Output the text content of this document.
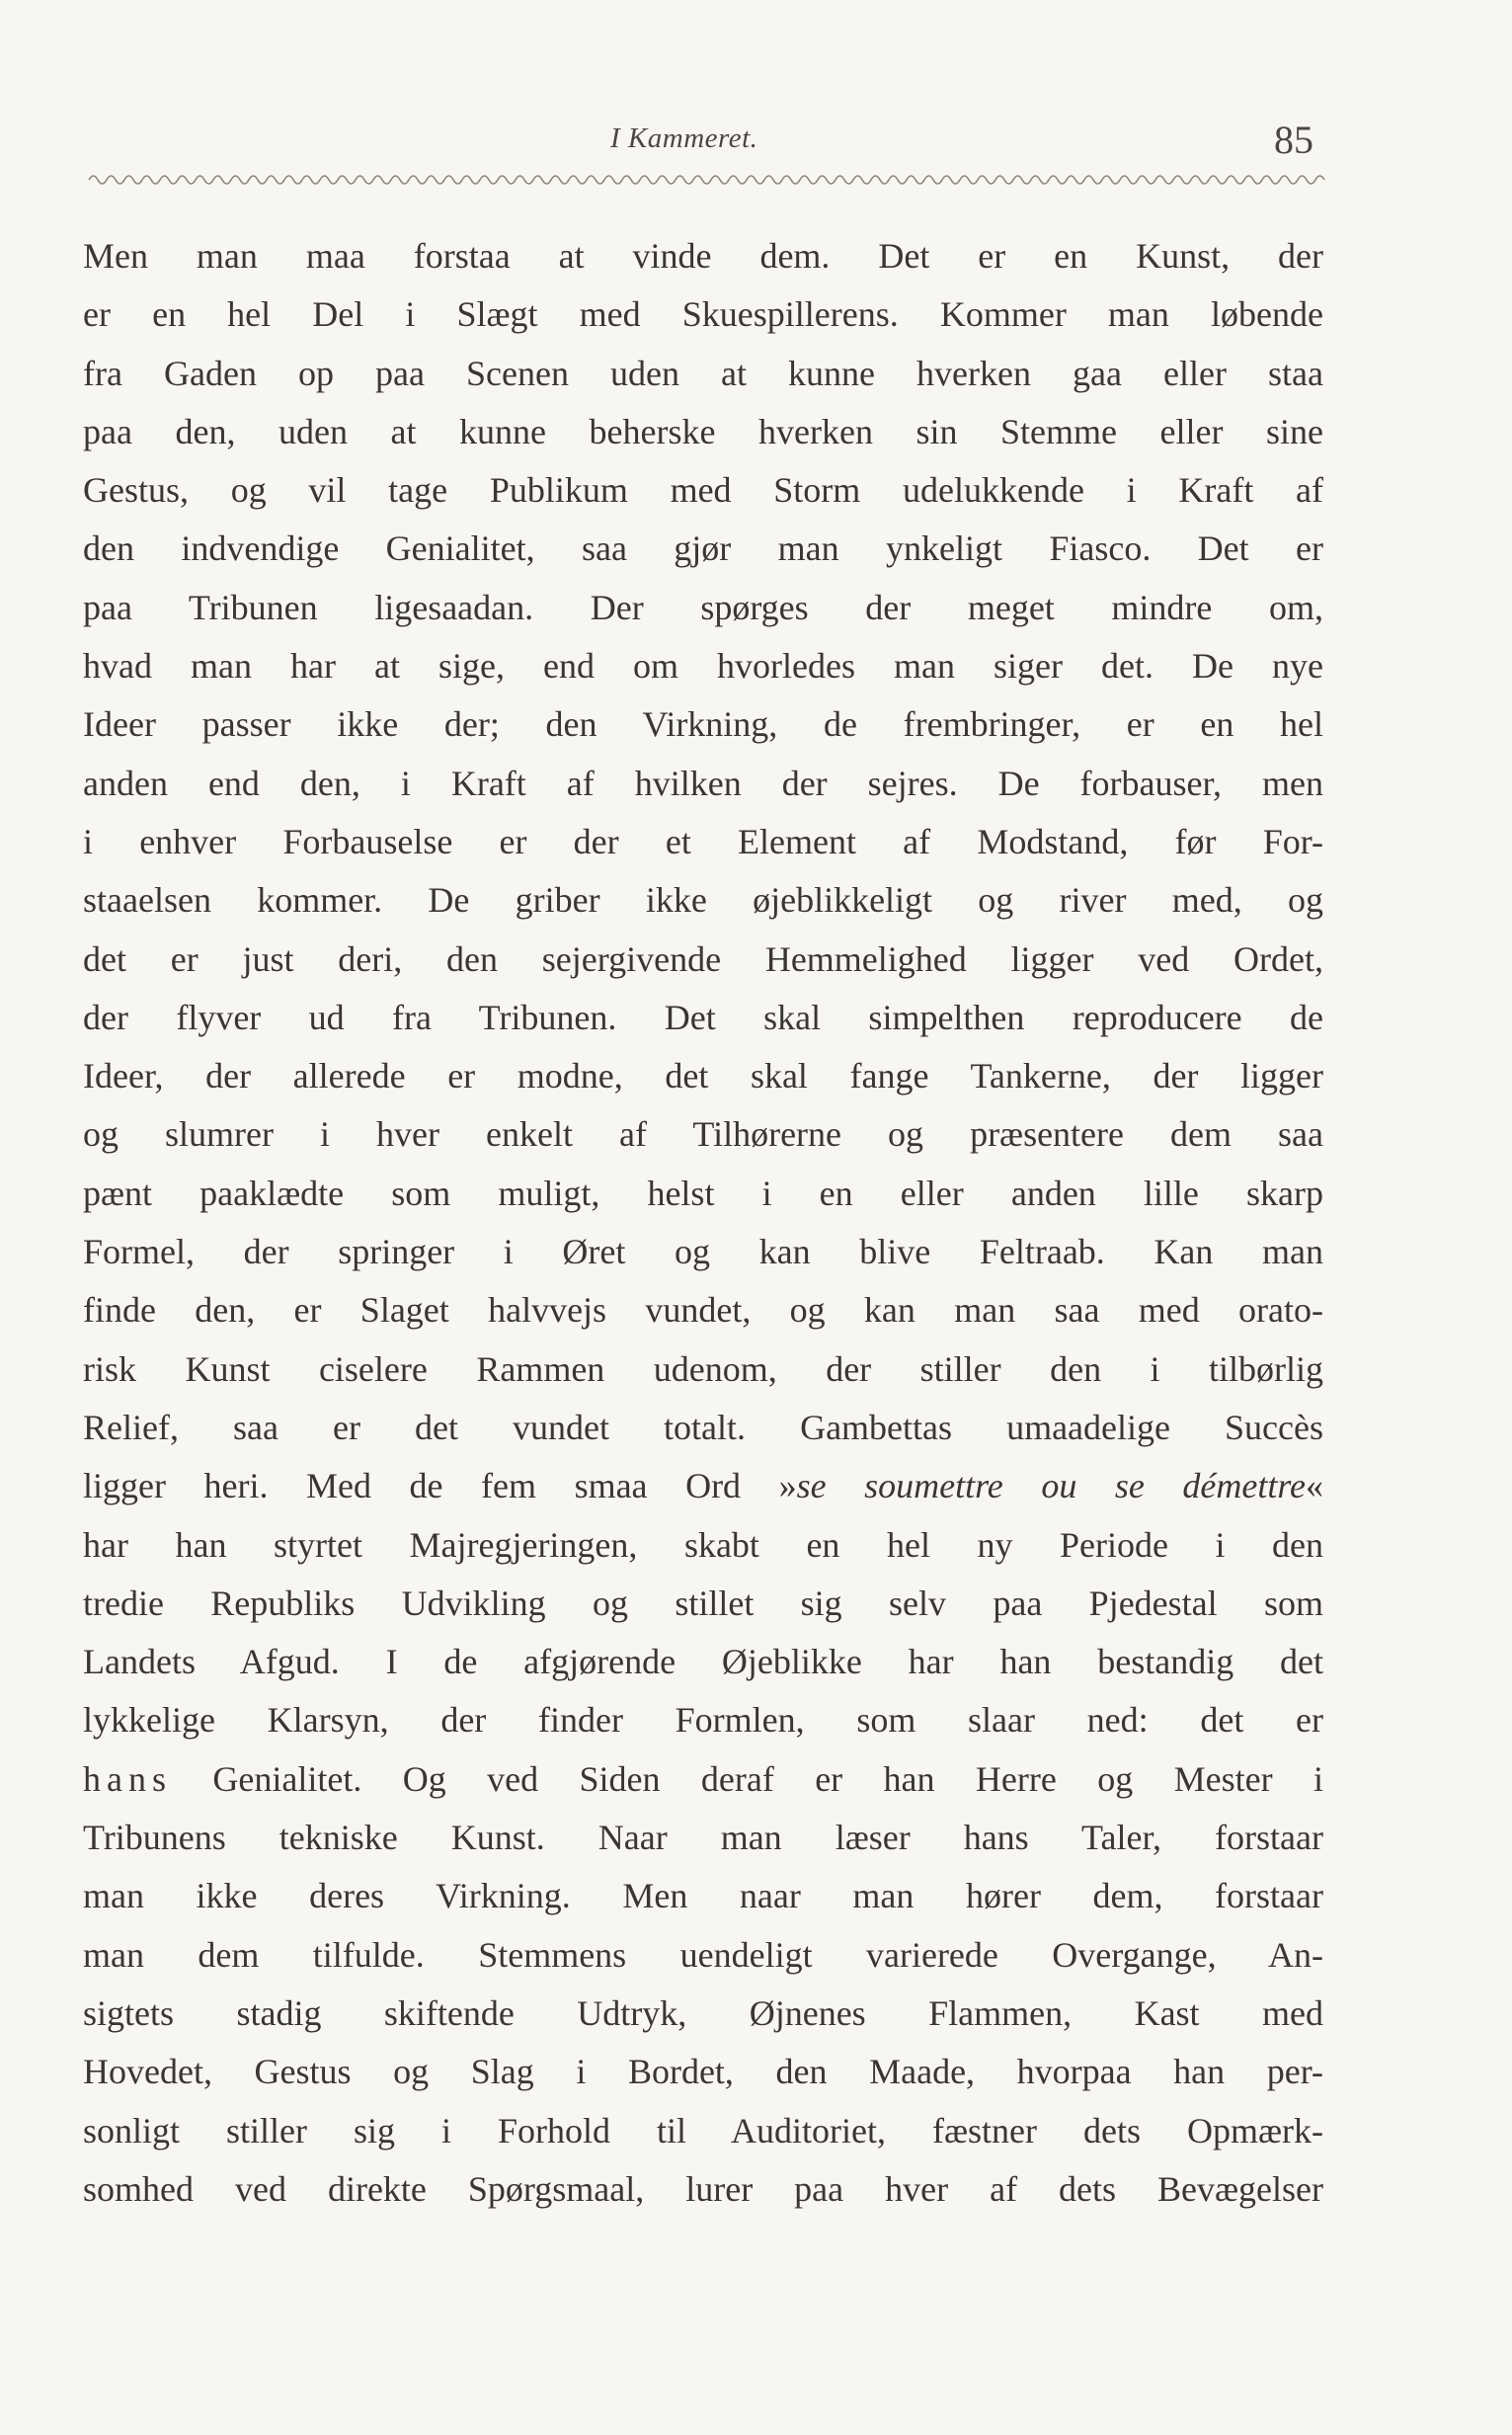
I Kammeret.	85
Men man maa forstaa at vinde dem. Det er en Kunst, der
er en hel Del i Slægt med Skuespillerens. Kommer man løbende
fra Gaden op paa Scenen uden at kunne hverken gaa eller staa
paa den, uden at kunne beherske hverken sin Stemme eller sine
Gestus, og vil tage Publikum med Storm udelukkende i Kraft af
den indvendige Genialitet, saa gjør man ynkeligt Fiasco. Det er
paa Tribunen ligesaadan. Der spørges der meget mindre om,
hvad man har at sige, end om hvorledes man siger det. De nye
Ideer passer ikke der; den Virkning, de frembringer, er en hel
anden end den, i Kraft af hvilken der sejres. De forbauser, men
i enhver Forbauselse er der et Element af Modstand, før For-
staaelsen kommer. De griber ikke øjeblikkeligt og river med, og
det er just deri, den sejergivende Hemmelighed ligger ved Ordet,
der flyver ud fra Tribunen. Det skal simpelthen reproducere de
Ideer, der allerede er modne, det skal fange Tankerne, der ligger
og slumrer i hver enkelt af Tilhørerne og præsentere dem saa
pænt paaklædte som muligt, helst i en eller anden lille skarp
Formel, der springer i Øret og kan blive Feltraab. Kan man
finde den, er Slaget halvvejs vundet, og kan man saa med orato-
risk Kunst ciselere Rammen udenom, der stiller den i tilbørlig
Relief, saa er det vundet totalt. Gambettas umaadelige Succès
ligger heri. Med de fem smaa Ord »se soumettre ou se démettre«
har han styrtet Majregjeringen, skabt en hel ny Periode i den
tredie Republiks Udvikling og stillet sig selv paa Pjedestal som
Landets Afgud. I de afgjørende Øjeblikke har han bestandig det
lykkelige Klarsyn, der finder Formlen, som slaar ned: det er
hans Genialitet. Og ved Siden deraf er han Herre og Mester i
Tribunens tekniske Kunst. Naar man læser hans Taler, forstaar
man ikke deres Virkning. Men naar man hører dem, forstaar
man dem tilfulde. Stemmens uendeligt varierede Overgange, An-
sigtets stadig skiftende Udtryk, Øjnenes Flammen, Kast med
Hovedet, Gestus og Slag i Bordet, den Maade, hvorpaa han per-
sonligt stiller sig i Forhold til Auditoriet, fæstner dets Opmærk-
somhed ved direkte Spørgsmaal, lurer paa hver af dets Bevægelser
